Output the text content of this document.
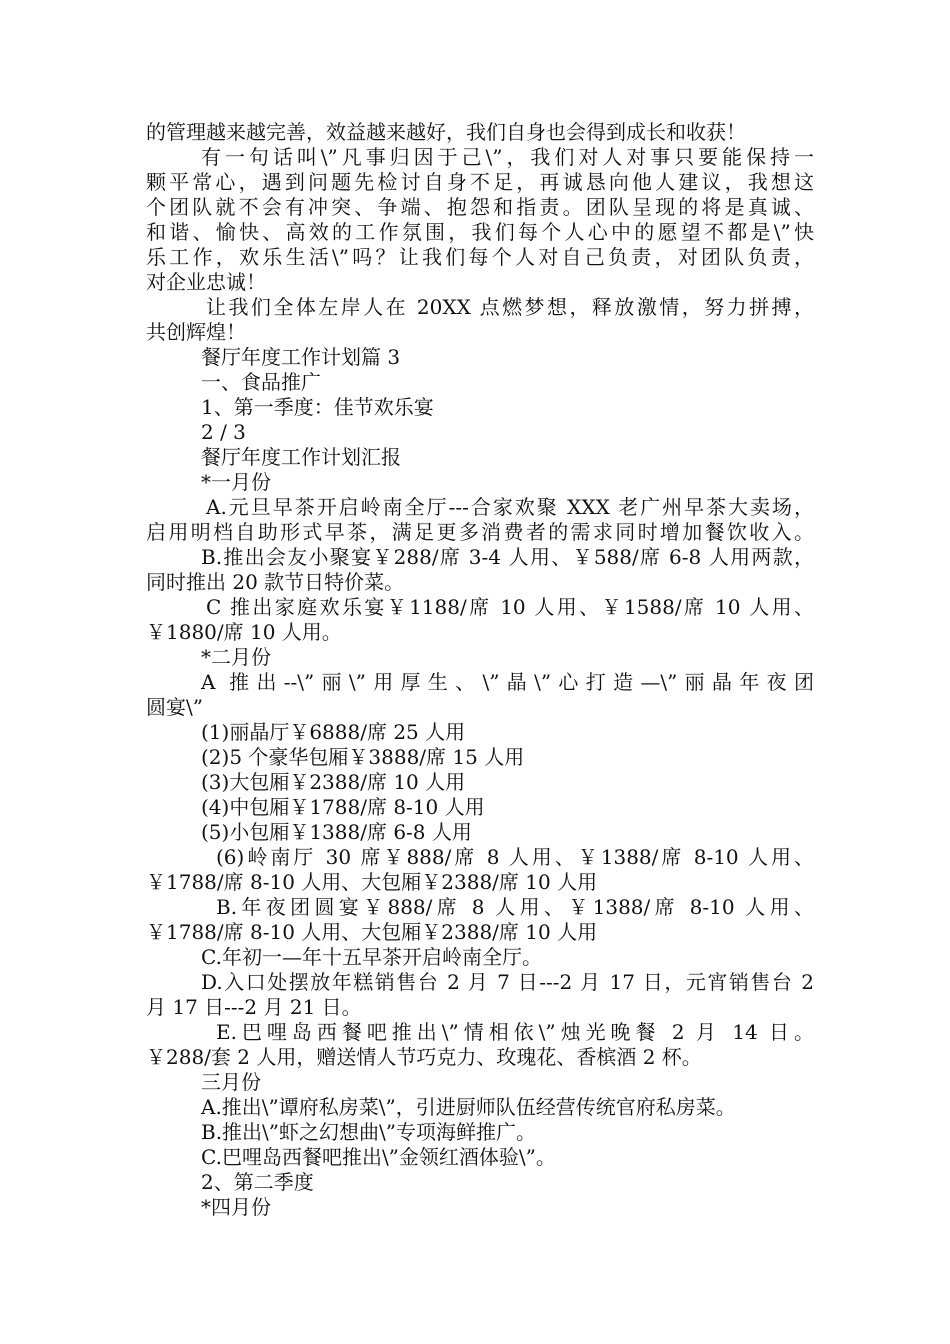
的管理越来越完善，效益越来越好，我们自身也会得到成长和收获！
有一句话叫\”凡事归因于己\”，我们对人对事只要能保持一
颗平常心，遇到问题先检讨自身不足，再诚恳向他人建议，我想这
个团队就不会有冲突、争端、抱怨和指责。团队呈现的将是真诚、
和谐、愉快、高效的工作氛围，我们每个人心中的愿望不都是\”快
乐工作，欢乐生活\”吗？让我们每个人对自己负责，对团队负责，
对企业忠诚！
让我们全体左岸人在 20XX 点燃梦想，释放激情，努力拼搏，
共创辉煌！
餐厅年度工作计划篇 3
一、食品推广
1、第一季度：佳节欢乐宴
2 / 3
餐厅年度工作计划汇报
*一月份
A.元旦早茶开启岭南全厅---合家欢聚 XXX 老广州早茶大卖场，
启用明档自助形式早茶，满足更多消费者的需求同时增加餐饮收入。
B.推出会友小聚宴￥288/席 3-4 人用、￥588/席 6-8 人用两款，
同时推出 20 款节日特价菜。
C 推出家庭欢乐宴￥1188/席 10 人用、￥1588/席 10 人用、
￥1880/席 10 人用。
*二月份
A 推出--\”丽\”用厚生、\”晶\”心打造—\”丽晶年夜团
圆宴\”
(1)丽晶厅￥6888/席 25 人用
(2)5 个豪华包厢￥3888/席 15 人用
(3)大包厢￥2388/席 10 人用
(4)中包厢￥1788/席 8-10 人用
(5)小包厢￥1388/席 6-8 人用
(6)岭南厅 30 席￥888/席 8 人用、￥1388/席 8-10 人用、
￥1788/席 8-10 人用、大包厢￥2388/席 10 人用
B.年夜团圆宴￥888/席 8 人用、￥1388/席 8-10 人用、
￥1788/席 8-10 人用、大包厢￥2388/席 10 人用
C.年初一—年十五早茶开启岭南全厅。
D.入口处摆放年糕销售台 2 月 7 日---2 月 17 日，元宵销售台 2
月 17 日---2 月 21 日。
E.巴哩岛西餐吧推出\”情相依\”烛光晚餐 2 月 14 日。
￥288/套 2 人用，赠送情人节巧克力、玫瑰花、香槟酒 2 杯。
三月份
A.推出\”谭府私房菜\”，引进厨师队伍经营传统官府私房菜。
B.推出\”虾之幻想曲\”专项海鲜推广。
C.巴哩岛西餐吧推出\”金领红酒体验\”。
2、第二季度
*四月份
